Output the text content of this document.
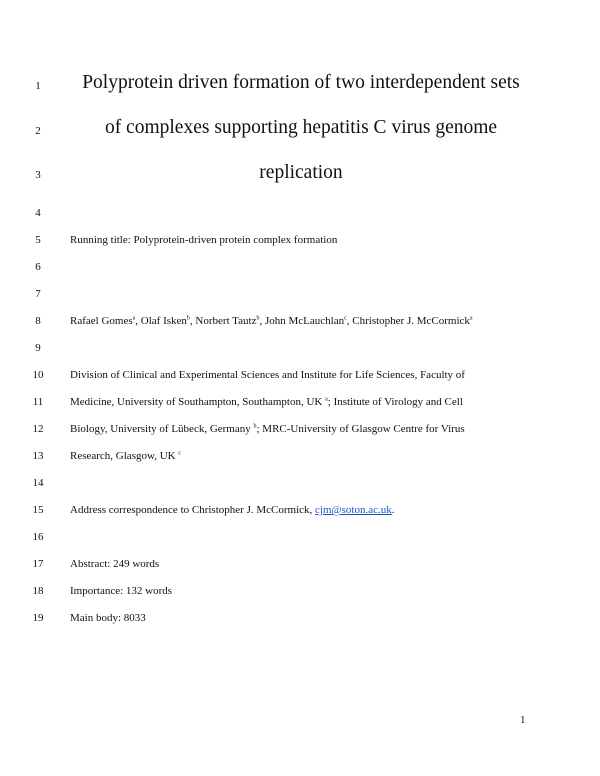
1
2
3
4
5
6
7
8
9
10
11
12
13
14
15
16
17
18
19
Polyprotein driven formation of two interdependent sets
of complexes supporting hepatitis C virus genome
replication
Running title: Polyprotein-driven protein complex formation
Rafael Gomes$^a$, Olaf Isken$^b$, Norbert Tautz$^b$, John McLauchlan$^c$, Christopher J. McCormick$^a$
Division of Clinical and Experimental Sciences and Institute for Life Sciences, Faculty of
Medicine, University of Southampton, Southampton, UK $^a$; Institute of Virology and Cell
Biology, University of Lübeck, Germany $^b$; MRC-University of Glasgow Centre for Virus
Research, Glasgow, UK $^c$
Address correspondence to Christopher J. McCormick, cjm@soton.ac.uk.
Abstract: 249 words
Importance: 132 words
Main body: 8033
1
